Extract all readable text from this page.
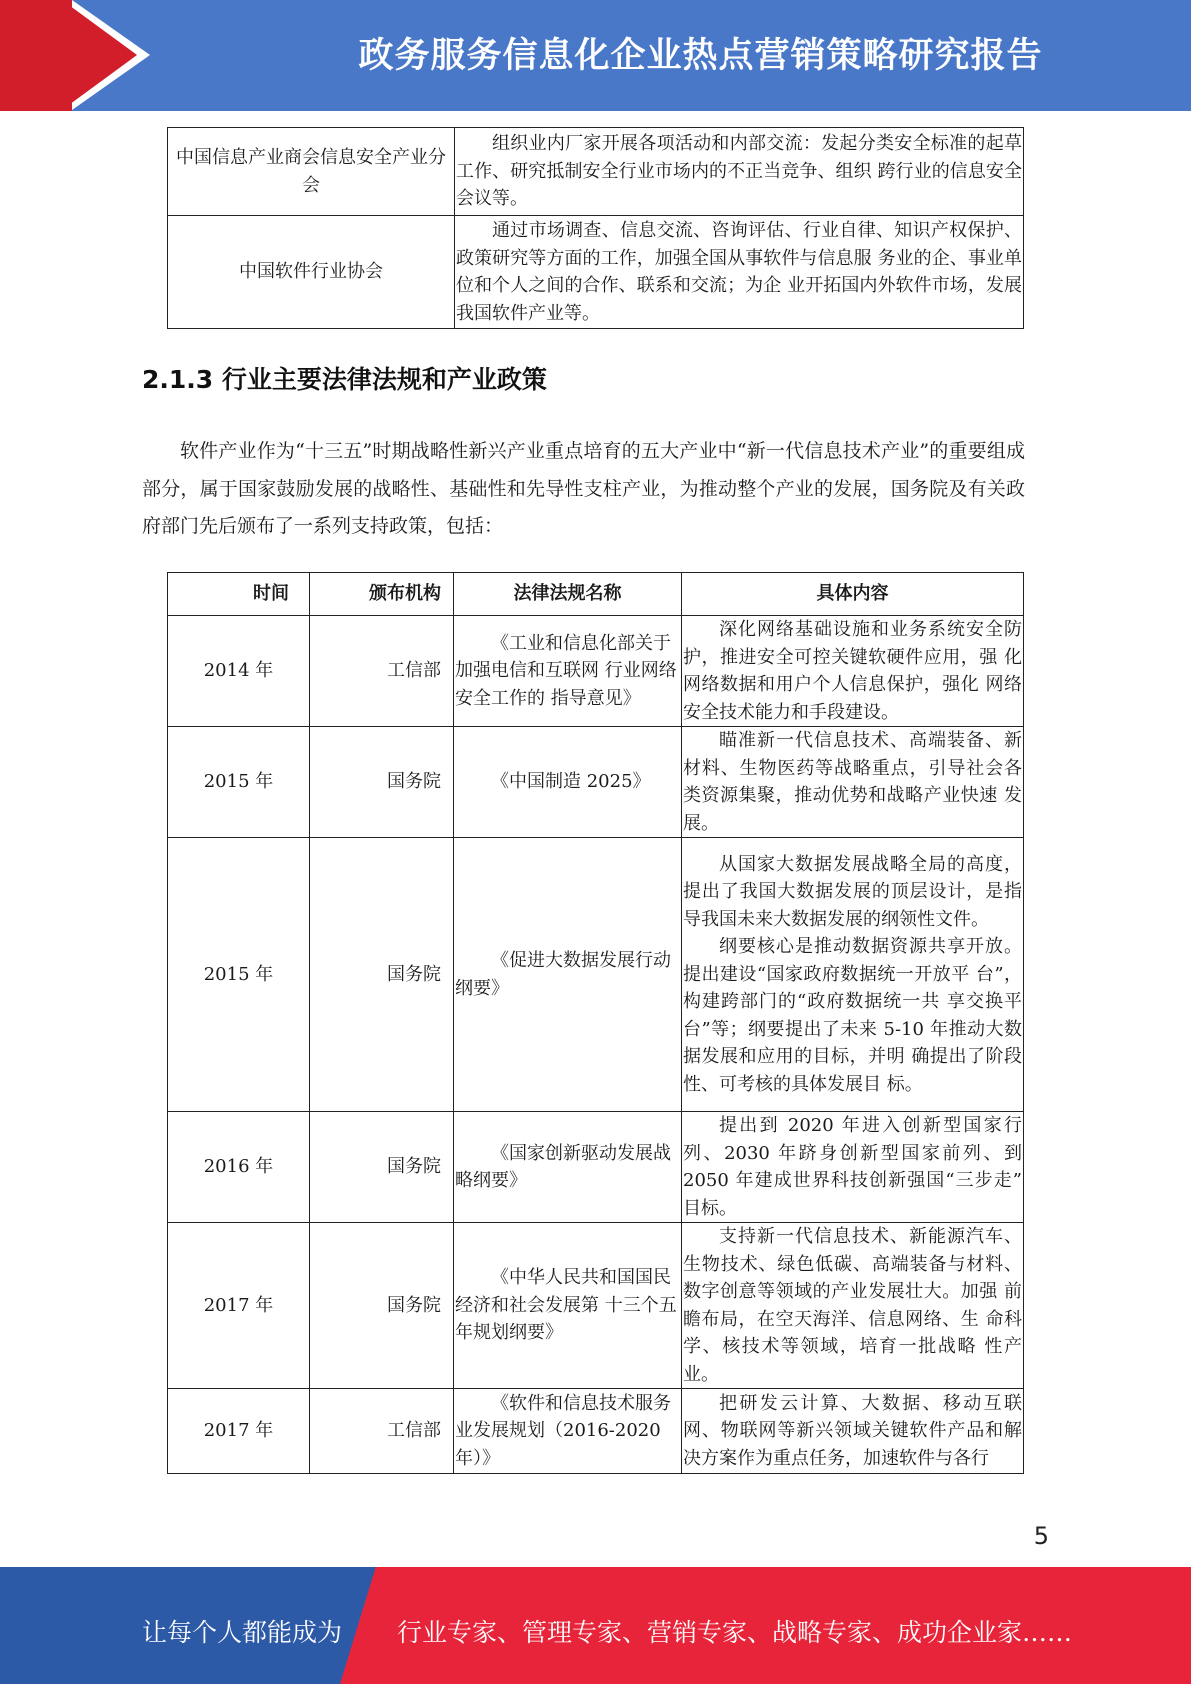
政务服务信息化企业热点营销策略研究报告
中国信息产业商会信息安全产业分会	组织业内厂家开展各项活动和内部交流：发起分类安全标准的起草工作、研究抵制安全行业市场内的不正当竞争、组织 跨行业的信息安全会议等。
中国软件行业协会	通过市场调查、信息交流、咨询评估、行业自律、知识产权保护、政策研究等方面的工作，加强全国从事软件与信息服 务业的企、事业单位和个人之间的合作、联系和交流；为企 业开拓国内外软件市场，发展我国软件产业等。
2.1.3 行业主要法律法规和产业政策

软件产业作为“十三五”时期战略性新兴产业重点培育的五大产业中“新一代信息技术产业”的重要组成部分，属于国家鼓励发展的战略性、基础性和先导性支柱产业，为推动整个产业的发展，国务院及有关政府部门先后颁布了一系列支持政策，包括：

时间	颁布机构	法律法规名称	具体内容
2014 年	工信部	《工业和信息化部关于加强电信和互联网 行业网络安全工作的 指导意见》	深化网络基础设施和业务系统安全防护，推进安全可控关键软硬件应用，强 化网络数据和用户个人信息保护，强化 网络安全技术能力和手段建设。

2015 年	国务院	《中国制造 2025》	瞄准新一代信息技术、高端装备、新材料、生物医药等战略重点，引导社会各 类资源集聚，推动优势和战略产业快速 发展。

2015 年	国务院	《促进大数据发展行动纲要》	从国家大数据发展战略全局的高度，提出了我国大数据发展的顶层设计，是指 导我国未来大数据发展的纲领性文件。
纲要核心是推动数据资源共享开放。提出建设“国家政府数据统一开放平 台”，构建跨部门的“政府数据统一共 享交换平台”等；纲要提出了未来 5-10 年推动大数据发展和应用的目标，并明 确提出了阶段性、可考核的具体发展目 标。

2016 年	国务院	《国家创新驱动发展战略纲要》	提出到 2020 年进入创新型国家行列、2030 年跻身创新型国家前列、到 2050 年建成世界科技创新强国“三步走” 目标。

2017 年	国务院	《中华人民共和国国民经济和社会发展第 十三个五年规划纲要》	支持新一代信息技术、新能源汽车、生物技术、绿色低碳、高端装备与材料、 数字创意等领域的产业发展壮大。加强 前瞻布局，在空天海洋、信息网络、生 命科学、核技术等领域，培育一批战略 性产业。

2017 年	工信部	《软件和信息技术服务业发展规划（2016-2020 年）》	把研发云计算、大数据、移动互联网、物联网等新兴领域关键软件产品和解 决方案作为重点任务，加速软件与各行
5
让每个人都能成为 行业专家、管理专家、营销专家、战略专家、成功企业家……
